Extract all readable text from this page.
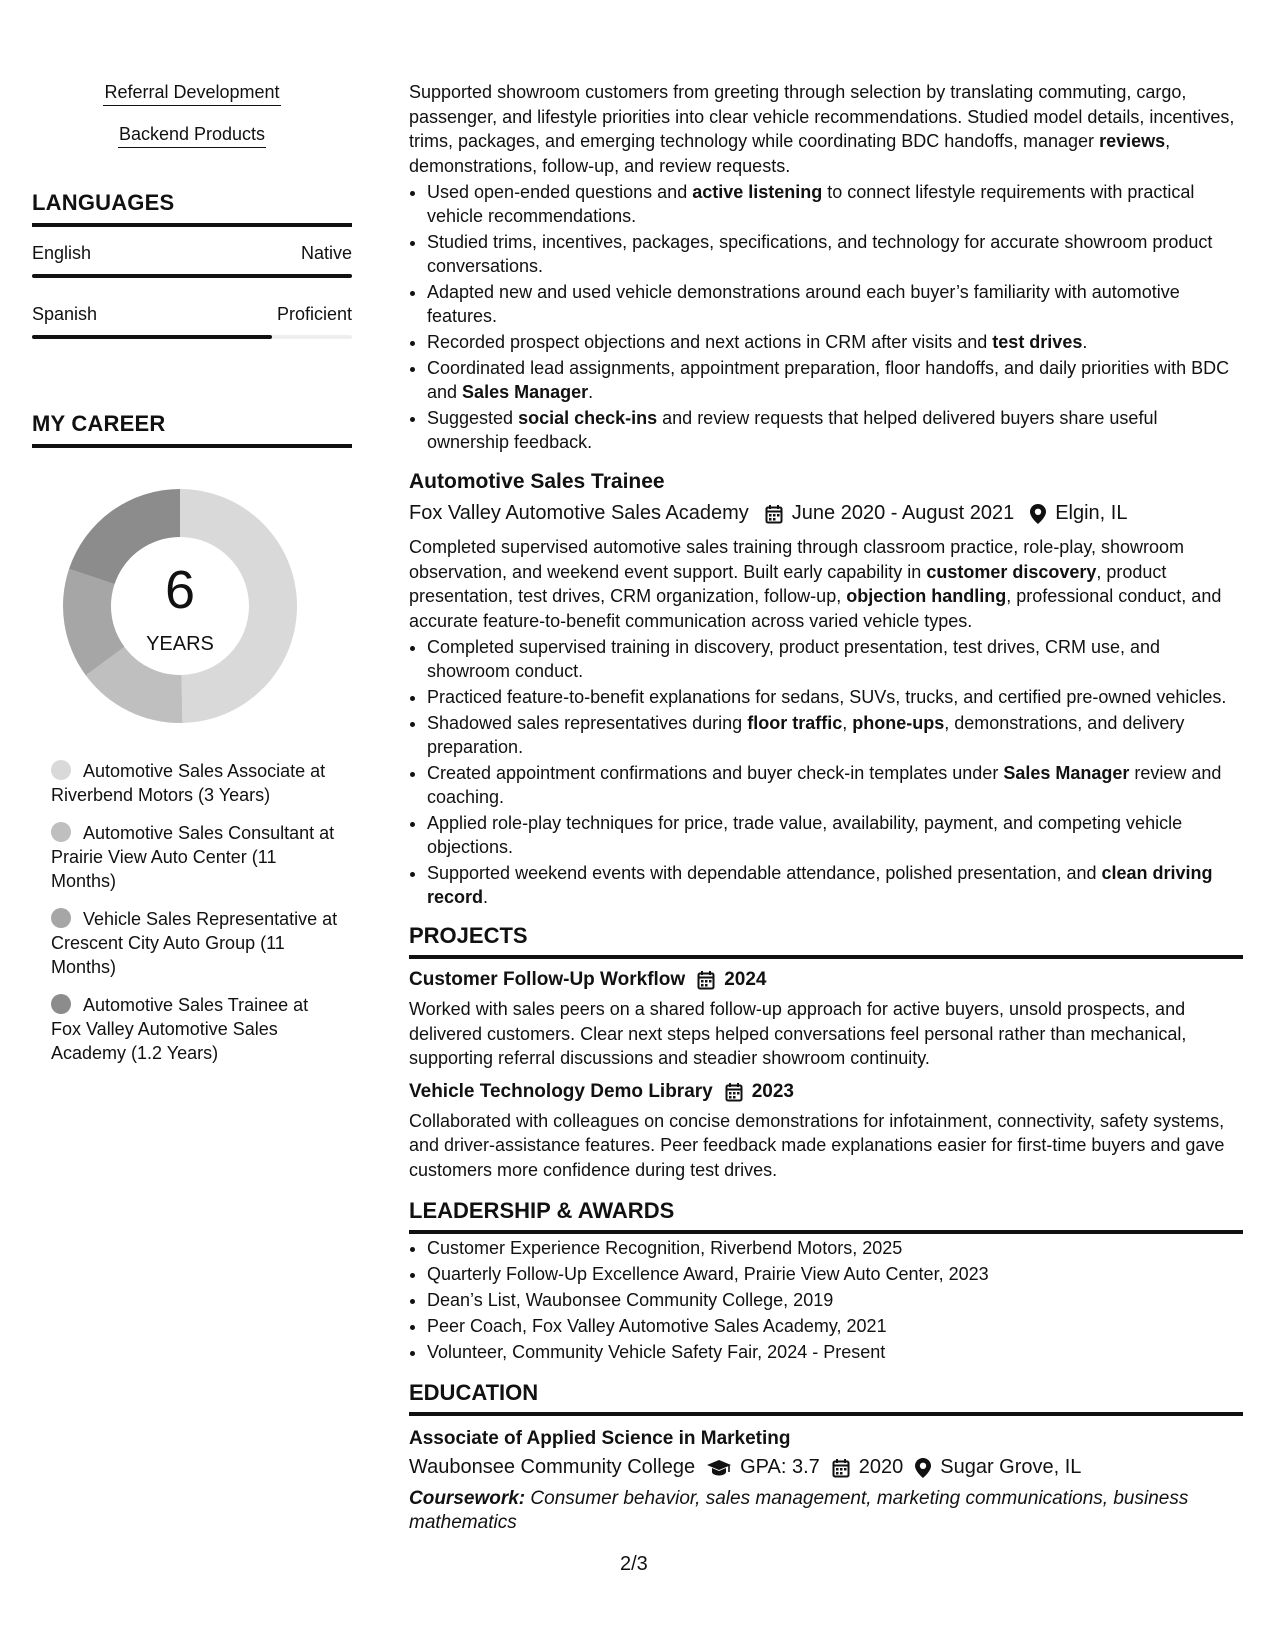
Referral Development
Backend Products
LANGUAGES
English	Native
Spanish	Proficient
MY CAREER
6
YEARS
Automotive Sales Associate at Riverbend Motors (3 Years)
Automotive Sales Consultant at Prairie View Auto Center (11 Months)
Vehicle Sales Representative at Crescent City Auto Group (11 Months)
Automotive Sales Trainee at Fox Valley Automotive Sales Academy (1.2 Years)
Supported showroom customers from greeting through selection by translating commuting, cargo, passenger, and lifestyle priorities into clear vehicle recommendations. Studied model details, incentives, trims, packages, and emerging technology while coordinating BDC handoffs, manager reviews, demonstrations, follow-up, and review requests.
• Used open-ended questions and active listening to connect lifestyle requirements with practical vehicle recommendations.
• Studied trims, incentives, packages, specifications, and technology for accurate showroom product conversations.
• Adapted new and used vehicle demonstrations around each buyer’s familiarity with automotive features.
• Recorded prospect objections and next actions in CRM after visits and test drives.
• Coordinated lead assignments, appointment preparation, floor handoffs, and daily priorities with BDC and Sales Manager.
• Suggested social check-ins and review requests that helped delivered buyers share useful ownership feedback.
Automotive Sales Trainee
Fox Valley Automotive Sales Academy June 2020 - August 2021 Elgin, IL
Completed supervised automotive sales training through classroom practice, role-play, showroom observation, and weekend event support. Built early capability in customer discovery, product presentation, test drives, CRM organization, follow-up, objection handling, professional conduct, and accurate feature-to-benefit communication across varied vehicle types.
• Completed supervised training in discovery, product presentation, test drives, CRM use, and showroom conduct.
• Practiced feature-to-benefit explanations for sedans, SUVs, trucks, and certified pre-owned vehicles.
• Shadowed sales representatives during floor traffic, phone-ups, demonstrations, and delivery preparation.
• Created appointment confirmations and buyer check-in templates under Sales Manager review and coaching.
• Applied role-play techniques for price, trade value, availability, payment, and competing vehicle objections.
• Supported weekend events with dependable attendance, polished presentation, and clean driving record.
PROJECTS
Customer Follow-Up Workflow 2024
Worked with sales peers on a shared follow-up approach for active buyers, unsold prospects, and delivered customers. Clear next steps helped conversations feel personal rather than mechanical, supporting referral discussions and steadier showroom continuity.
Vehicle Technology Demo Library 2023
Collaborated with colleagues on concise demonstrations for infotainment, connectivity, safety systems, and driver-assistance features. Peer feedback made explanations easier for first-time buyers and gave customers more confidence during test drives.
LEADERSHIP & AWARDS
• Customer Experience Recognition, Riverbend Motors, 2025
• Quarterly Follow-Up Excellence Award, Prairie View Auto Center, 2023
• Dean’s List, Waubonsee Community College, 2019
• Peer Coach, Fox Valley Automotive Sales Academy, 2021
• Volunteer, Community Vehicle Safety Fair, 2024 - Present
EDUCATION
Associate of Applied Science in Marketing
Waubonsee Community College GPA: 3.7 2020 Sugar Grove, IL
Coursework: Consumer behavior, sales management, marketing communications, business mathematics
2/3
